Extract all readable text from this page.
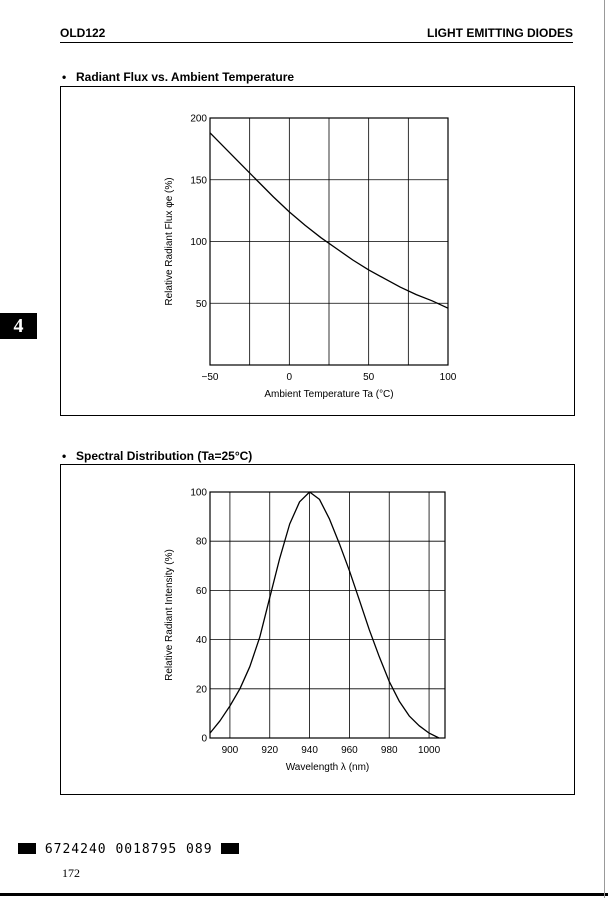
OLD122	LIGHT EMITTING DIODES
4
• Radiant Flux vs. Ambient Temperature
−50	0	50	100
50
100
150
200
Ambient Temperature Ta (°C)
Relative Radiant Flux φe (%)
• Spectral Distribution (Ta=25°C)
900 920 940 960 980 1000
0
20
40
60
80
100
Wavelength λ (nm)
Relative Radiant Intensity (%)
6724240 0018795 089
172
